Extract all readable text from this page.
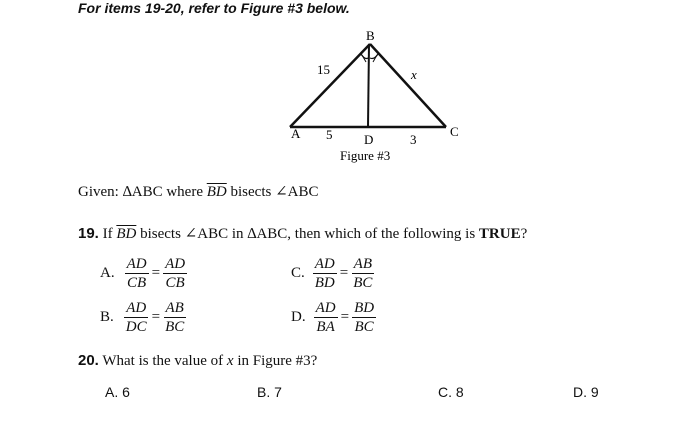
For items 19-20, refer to Figure #3 below.
B
A	C
D
x
15
5	3
Figure #3
Given: ∆ABC where $\overline{BD}$ bisects ∠ABC
19. If $\overline{BD}$ bisects ∠ABC in ∆ABC, then which of the following is TRUE?
A. $\frac{AD}{CB} = \frac{AD}{CB}$
B. $\frac{AD}{DC} = \frac{AB}{BC}$
C. $\frac{AD}{BD} = \frac{AB}{BC}$
D. $\frac{AD}{BA} = \frac{BD}{BC}$
20. What is the value of x in Figure #3?
A. 6	B. 7	C. 8	D. 9
